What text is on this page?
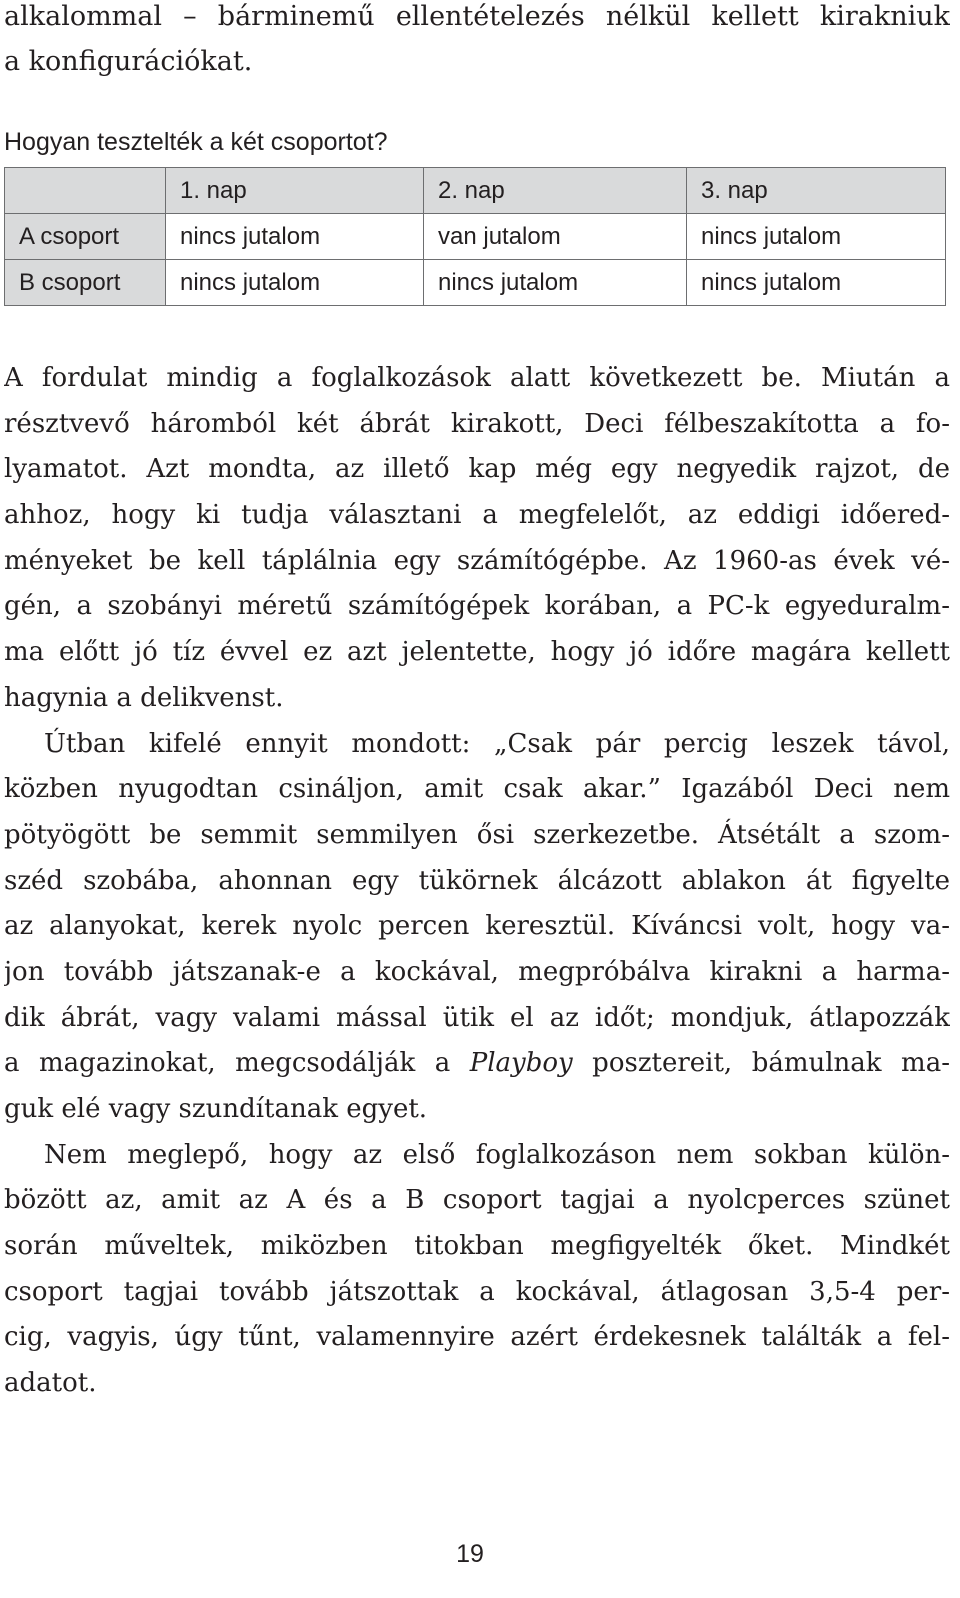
alkalommal – bárminemű ellentételezés nélkül kellett kirakniuk
a konfigurációkat.
Hogyan tesztelték a két csoportot?
	1. nap	2. nap	3. nap
A csoport	nincs jutalom	van jutalom	nincs jutalom
B csoport	nincs jutalom	nincs jutalom	nincs jutalom
A fordulat mindig a foglalkozások alatt következett be. Miután a
résztvevő háromból két ábrát kirakott, Deci félbeszakította a fo-
lyamatot. Azt mondta, az illető kap még egy negyedik rajzot, de
ahhoz, hogy ki tudja választani a megfelelőt, az eddigi időered-
ményeket be kell táplálnia egy számítógépbe. Az 1960-as évek vé-
gén, a szobányi méretű számítógépek korában, a PC-k egyeduralm-
ma előtt jó tíz évvel ez azt jelentette, hogy jó időre magára kellett
hagynia a delikvenst.
Útban kifelé ennyit mondott: „Csak pár percig leszek távol,
közben nyugodtan csináljon, amit csak akar.” Igazából Deci nem
pötyögött be semmit semmilyen ősi szerkezetbe. Átsétált a szom-
széd szobába, ahonnan egy tükörnek álcázott ablakon át figyelte
az alanyokat, kerek nyolc percen keresztül. Kíváncsi volt, hogy va-
jon tovább játszanak-e a kockával, megpróbálva kirakni a harma-
dik ábrát, vagy valami mással ütik el az időt; mondjuk, átlapozzák
a magazinokat, megcsodálják a Playboy posztereit, bámulnak ma-
guk elé vagy szundítanak egyet.
Nem meglepő, hogy az első foglalkozáson nem sokban külön-
bözött az, amit az A és a B csoport tagjai a nyolcperces szünet
során műveltek, miközben titokban megfigyelték őket. Mindkét
csoport tagjai tovább játszottak a kockával, átlagosan 3,5-4 per-
cig, vagyis, úgy tűnt, valamennyire azért érdekesnek találták a fel-
adatot.
19
